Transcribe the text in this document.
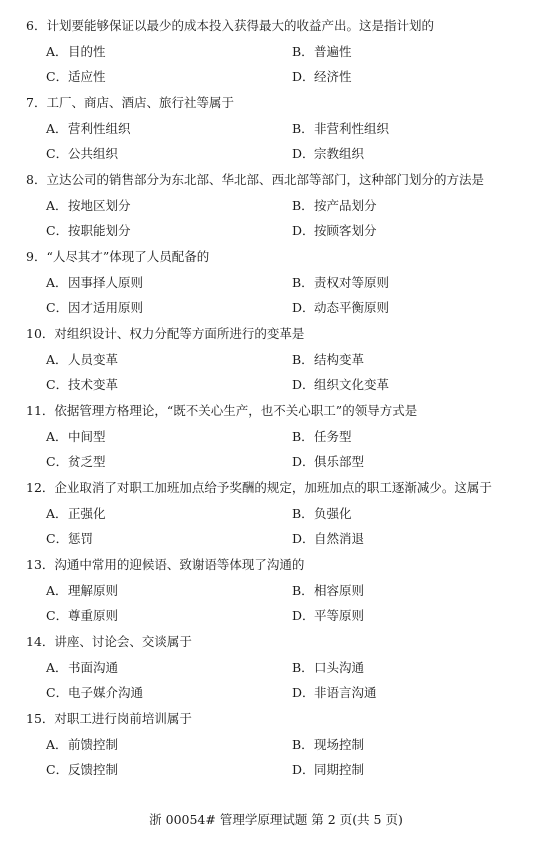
6．计划要能够保证以最少的成本投入获得最大的收益产出。这是指计划的
A．目的性	B．普遍性
C．适应性	D．经济性
7．工厂、商店、酒店、旅行社等属于
A．营利性组织	B．非营利性组织
C．公共组织	D．宗教组织
8．立达公司的销售部分为东北部、华北部、西北部等部门，这种部门划分的方法是
A．按地区划分	B．按产品划分
C．按职能划分	D．按顾客划分
9．“人尽其才”体现了人员配备的
A．因事择人原则	B．责权对等原则
C．因才适用原则	D．动态平衡原则
10．对组织设计、权力分配等方面所进行的变革是
A．人员变革	B．结构变革
C．技术变革	D．组织文化变革
11．依据管理方格理论，“既不关心生产，也不关心职工”的领导方式是
A．中间型	B．任务型
C．贫乏型	D．俱乐部型
12．企业取消了对职工加班加点给予奖酬的规定，加班加点的职工逐渐减少。这属于
A．正强化	B．负强化
C．惩罚	D．自然消退
13．沟通中常用的迎候语、致谢语等体现了沟通的
A．理解原则	B．相容原则
C．尊重原则	D．平等原则
14．讲座、讨论会、交谈属于
A．书面沟通	B．口头沟通
C．电子媒介沟通	D．非语言沟通
15．对职工进行岗前培训属于
A．前馈控制	B．现场控制
C．反馈控制	D．同期控制
浙 00054# 管理学原理试题 第 2 页(共 5 页)
